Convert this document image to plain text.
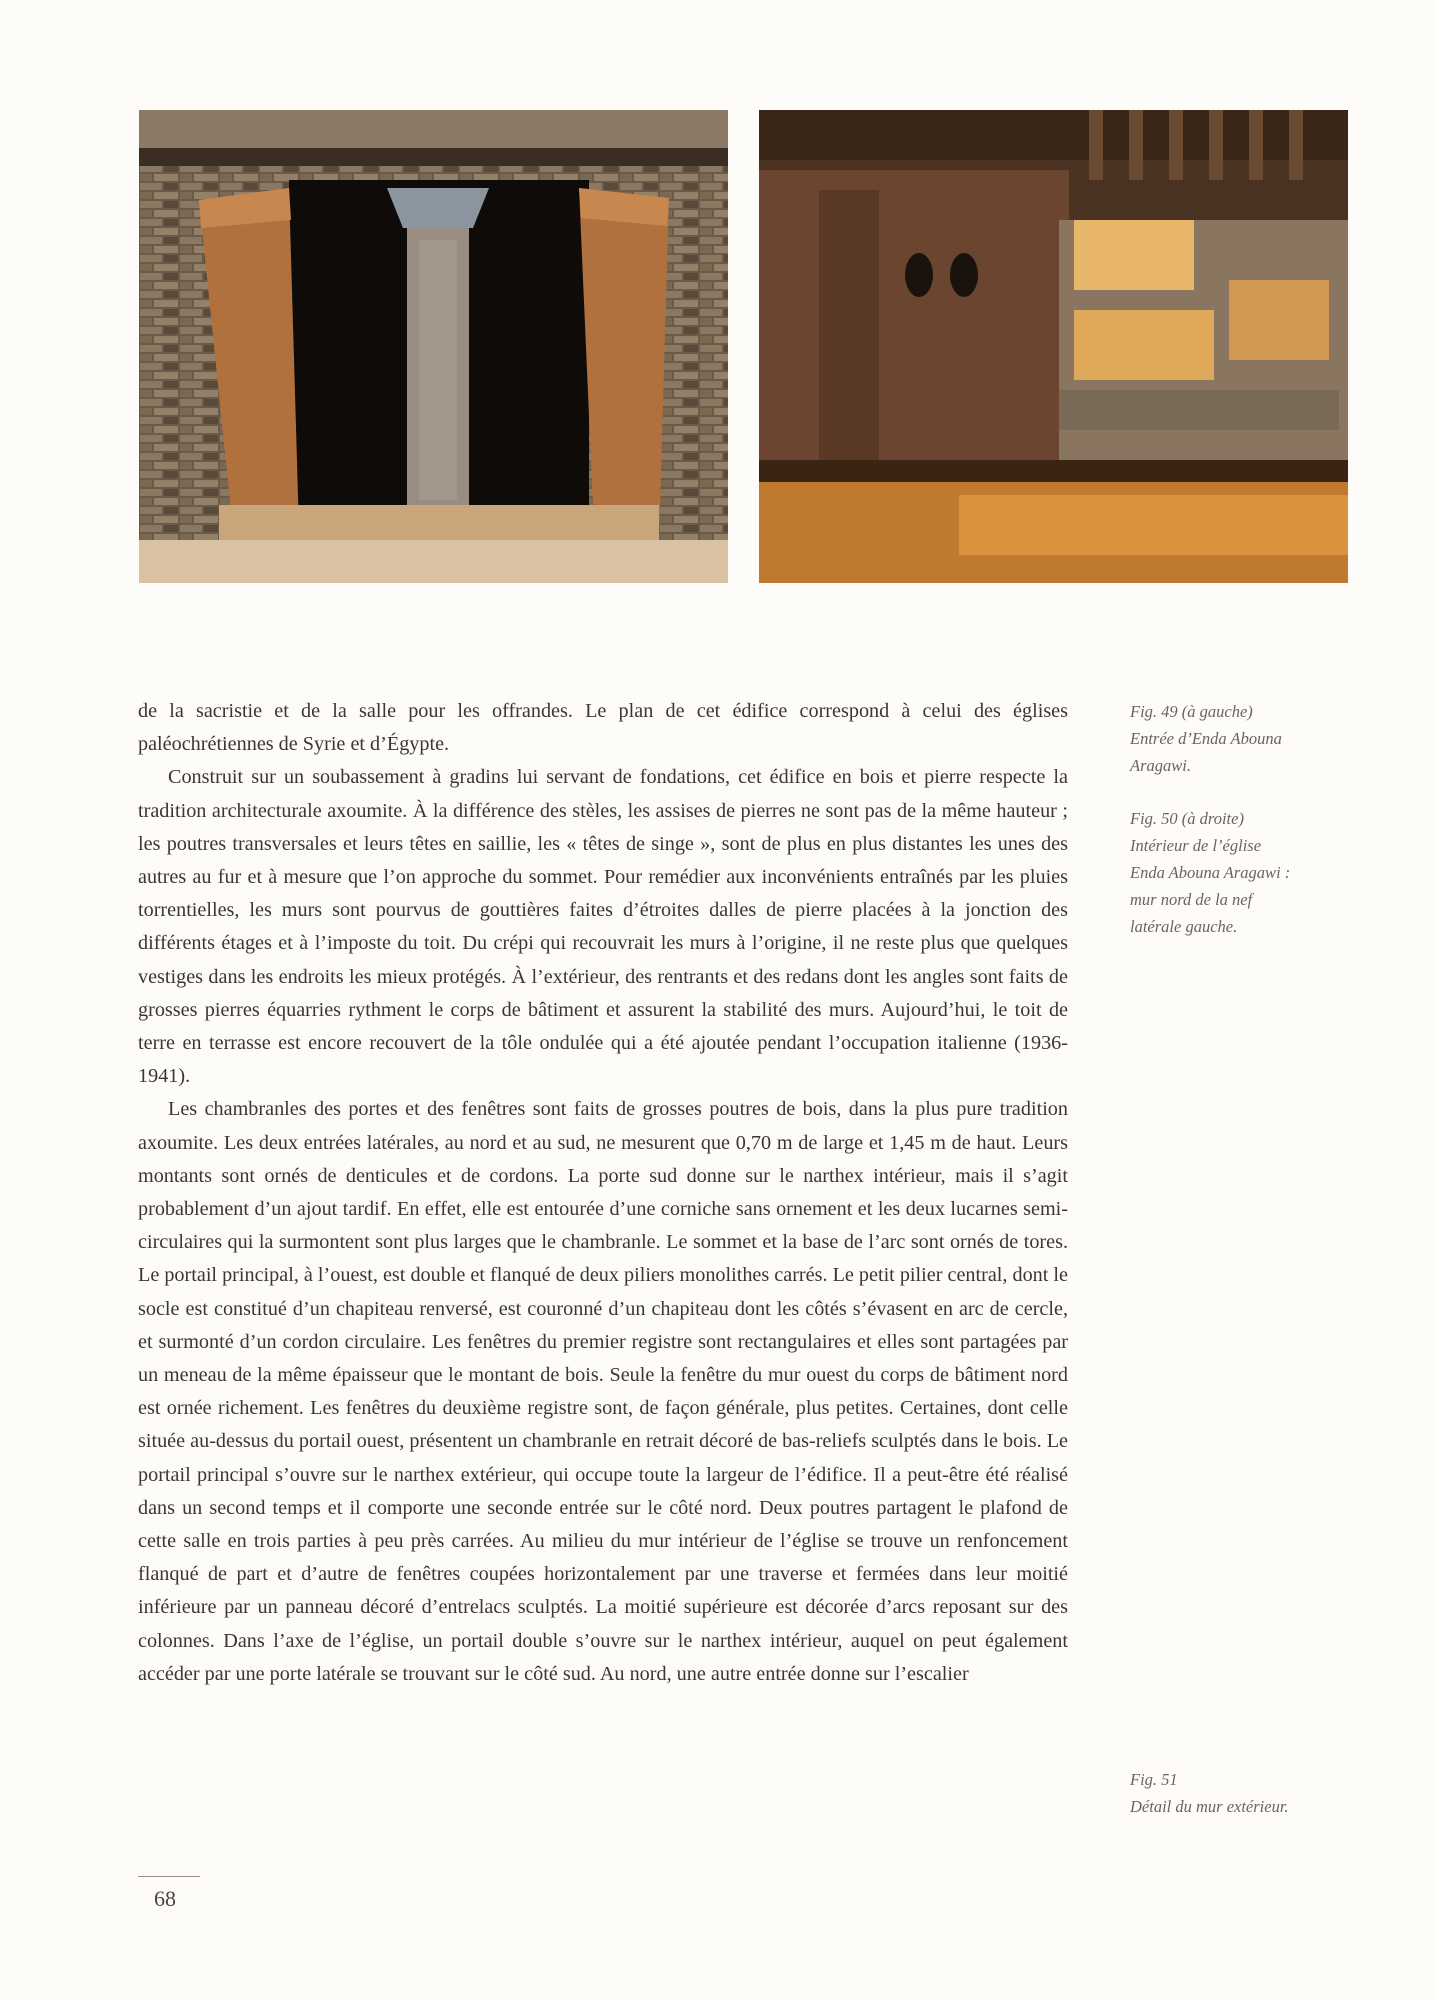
de la sacristie et de la salle pour les offrandes. Le plan de cet édifice correspond à celui des églises paléochrétiennes de Syrie et d’Égypte.

Construit sur un soubassement à gradins lui servant de fondations, cet édifice en bois et pierre respecte la tradition architecturale axoumite. À la différence des stèles, les assises de pierres ne sont pas de la même hauteur ; les poutres transversales et leurs têtes en saillie, les « têtes de singe », sont de plus en plus distantes les unes des autres au fur et à mesure que l’on approche du sommet. Pour remédier aux inconvénients entraînés par les pluies torrentielles, les murs sont pourvus de gouttières faites d’étroites dalles de pierre placées à la jonction des différents étages et à l’imposte du toit. Du crépi qui recouvrait les murs à l’origine, il ne reste plus que quelques vestiges dans les endroits les mieux protégés. À l’extérieur, des rentrants et des redans dont les angles sont faits de grosses pierres équarries rythment le corps de bâtiment et assurent la stabilité des murs. Aujourd’hui, le toit de terre en terrasse est encore recouvert de la tôle ondulée qui a été ajoutée pendant l’occupation italienne (1936-1941).

Les chambranles des portes et des fenêtres sont faits de grosses poutres de bois, dans la plus pure tradition axoumite. Les deux entrées latérales, au nord et au sud, ne mesurent que 0,70 m de large et 1,45 m de haut. Leurs montants sont ornés de denticules et de cordons. La porte sud donne sur le narthex intérieur, mais il s’agit probablement d’un ajout tardif. En effet, elle est entourée d’une corniche sans ornement et les deux lucarnes semi-circulaires qui la surmontent sont plus larges que le chambranle. Le sommet et la base de l’arc sont ornés de tores. Le portail principal, à l’ouest, est double et flanqué de deux piliers monolithes carrés. Le petit pilier central, dont le socle est constitué d’un chapiteau renversé, est couronné d’un chapiteau dont les côtés s’évasent en arc de cercle, et surmonté d’un cordon circulaire. Les fenêtres du premier registre sont rectangulaires et elles sont partagées par un meneau de la même épaisseur que le montant de bois. Seule la fenêtre du mur ouest du corps de bâtiment nord est ornée richement. Les fenêtres du deuxième registre sont, de façon générale, plus petites. Certaines, dont celle située au-dessus du portail ouest, présentent un chambranle en retrait décoré de bas-reliefs sculptés dans le bois. Le portail principal s’ouvre sur le narthex extérieur, qui occupe toute la largeur de l’édifice. Il a peut-être été réalisé dans un second temps et il comporte une seconde entrée sur le côté nord. Deux poutres partagent le plafond de cette salle en trois parties à peu près carrées. Au milieu du mur intérieur de l’église se trouve un renfoncement flanqué de part et d’autre de fenêtres coupées horizontalement par une traverse et fermées dans leur moitié inférieure par un panneau décoré d’entrelacs sculptés. La moitié supérieure est décorée d’arcs reposant sur des colonnes. Dans l’axe de l’église, un portail double s’ouvre sur le narthex intérieur, auquel on peut également accéder par une porte latérale se trouvant sur le côté sud. Au nord, une autre entrée donne sur l’escalier

Fig. 49 (à gauche)
Entrée d’Enda Abouna
Aragawi.
Fig. 50 (à droite)
Intérieur de l’église
Enda Abouna Aragawi :
mur nord de la nef
latérale gauche.
Fig. 51
Détail du mur extérieur.
68
